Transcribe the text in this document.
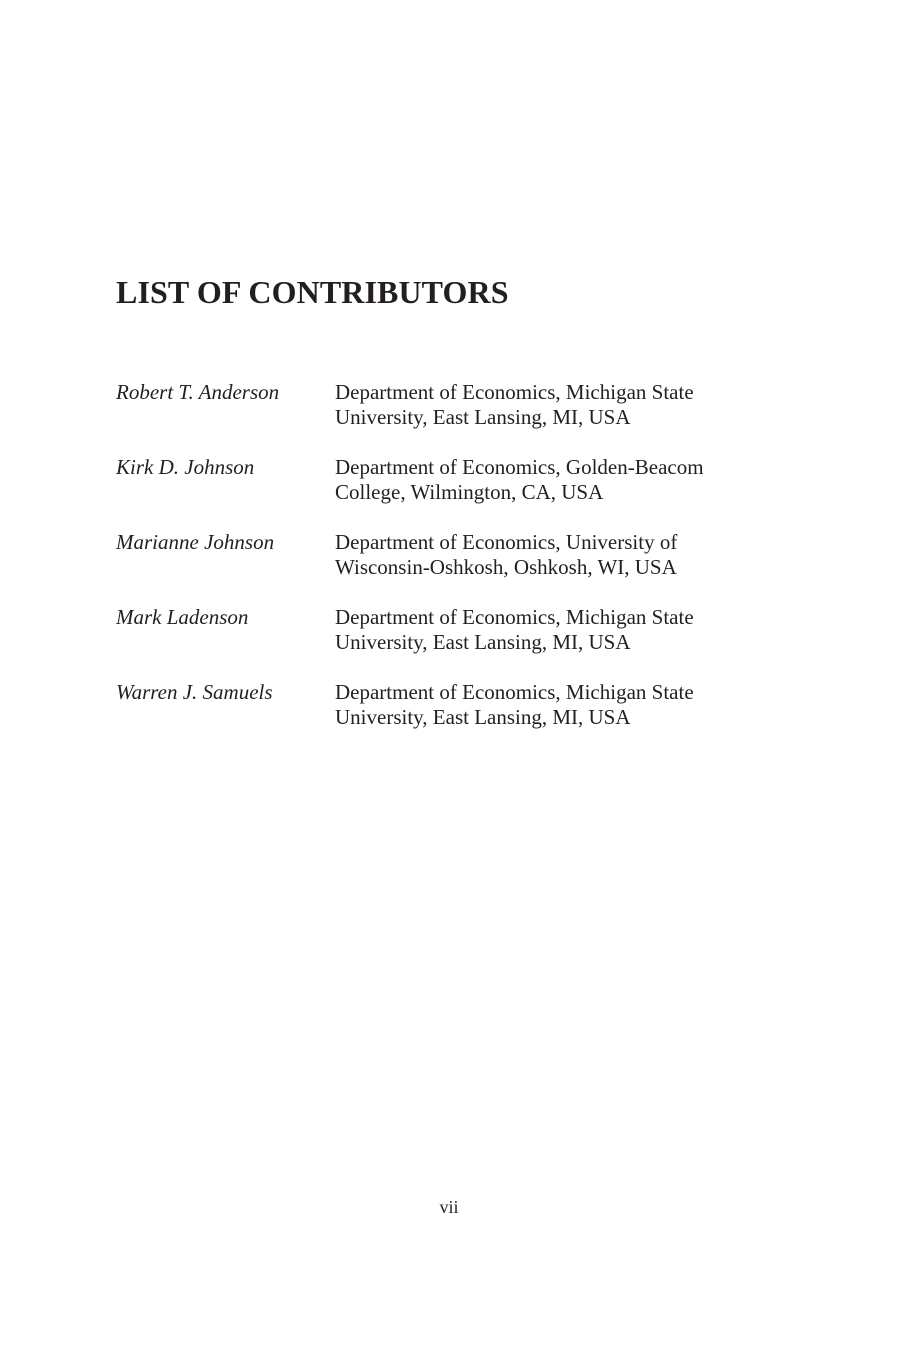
LIST OF CONTRIBUTORS
Robert T. Anderson	Department of Economics, Michigan State
University, East Lansing, MI, USA
Kirk D. Johnson	Department of Economics, Golden-Beacom
College, Wilmington, CA, USA
Marianne Johnson	Department of Economics, University of
Wisconsin-Oshkosh, Oshkosh, WI, USA
Mark Ladenson	Department of Economics, Michigan State
University, East Lansing, MI, USA
Warren J. Samuels	Department of Economics, Michigan State
University, East Lansing, MI, USA
vii
